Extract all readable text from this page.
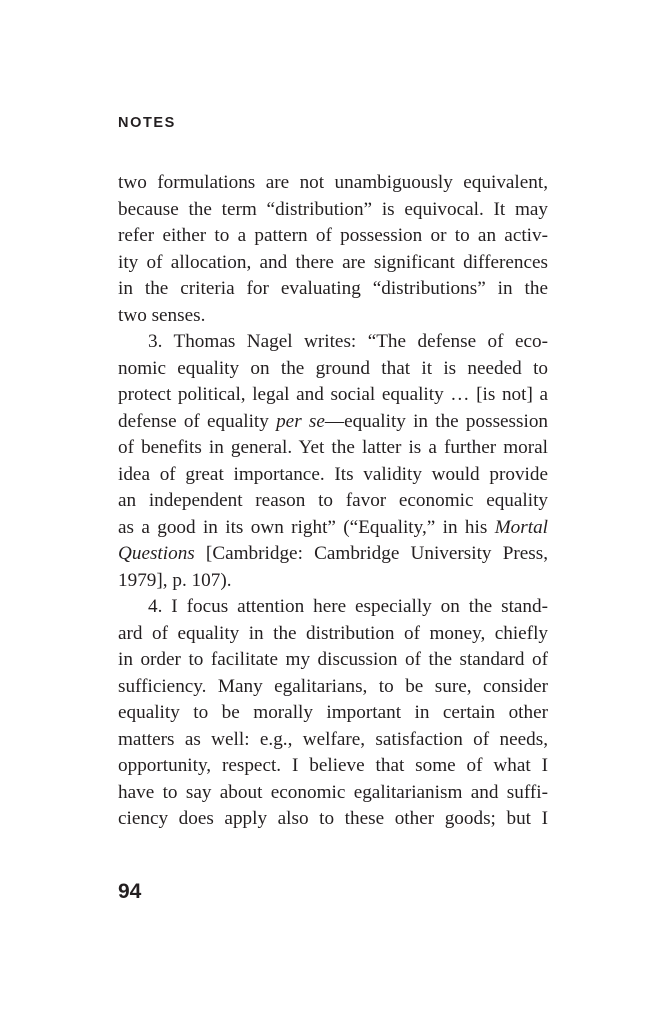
NOTES

two formulations are not unambiguously equivalent,

because the term “distribution” is equivocal. It may

refer either to a pattern of possession or to an activ-

ity of allocation, and there are significant differences

in the criteria for evaluating “distributions” in the

two senses.

3. Thomas Nagel writes: “The defense of eco-

nomic equality on the ground that it is needed to

protect political, legal and social equality … [is not] a

defense of equality per se—equality in the possession

of benefits in general. Yet the latter is a further moral

idea of great importance. Its validity would provide

an independent reason to favor economic equality

as a good in its own right” (“Equality,” in his Mortal

Questions [Cambridge: Cambridge University Press,

1979], p. 107).

4. I focus attention here especially on the stand-

ard of equality in the distribution of money, chiefly

in order to facilitate my discussion of the standard of

sufficiency. Many egalitarians, to be sure, consider

equality to be morally important in certain other

matters as well: e.g., welfare, satisfaction of needs,

opportunity, respect. I believe that some of what I

have to say about economic egalitarianism and suffi-

ciency does apply also to these other goods; but I

94
